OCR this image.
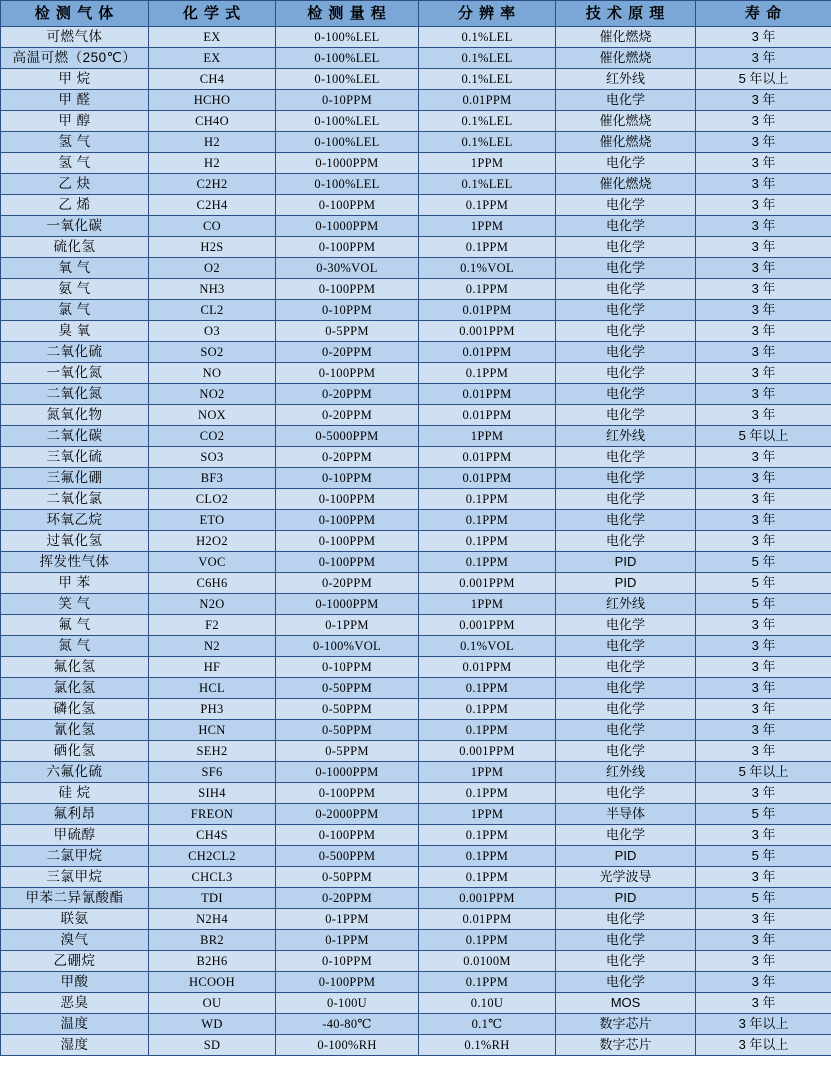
检 测 气 体	化 学 式	检 测 量 程	分 辨 率	技 术 原 理	寿 命
可燃气体	EX	0-100%LEL	0.1%LEL	催化燃烧	3 年
高温可燃（250℃）	EX	0-100%LEL	0.1%LEL	催化燃烧	3 年
甲 烷	CH4	0-100%LEL	0.1%LEL	红外线	5 年以上
甲 醛	HCHO	0-10PPM	0.01PPM	电化学	3 年
甲 醇	CH4O	0-100%LEL	0.1%LEL	催化燃烧	3 年
氢 气	H2	0-100%LEL	0.1%LEL	催化燃烧	3 年
氢 气	H2	0-1000PPM	1PPM	电化学	3 年
乙 炔	C2H2	0-100%LEL	0.1%LEL	催化燃烧	3 年
乙 烯	C2H4	0-100PPM	0.1PPM	电化学	3 年
一氧化碳	CO	0-1000PPM	1PPM	电化学	3 年
硫化氢	H2S	0-100PPM	0.1PPM	电化学	3 年
氧 气	O2	0-30%VOL	0.1%VOL	电化学	3 年
氨 气	NH3	0-100PPM	0.1PPM	电化学	3 年
氯 气	CL2	0-10PPM	0.01PPM	电化学	3 年
臭 氧	O3	0-5PPM	0.001PPM	电化学	3 年
二氧化硫	SO2	0-20PPM	0.01PPM	电化学	3 年
一氧化氮	NO	0-100PPM	0.1PPM	电化学	3 年
二氧化氮	NO2	0-20PPM	0.01PPM	电化学	3 年
氮氧化物	NOX	0-20PPM	0.01PPM	电化学	3 年
二氧化碳	CO2	0-5000PPM	1PPM	红外线	5 年以上
三氧化硫	SO3	0-20PPM	0.01PPM	电化学	3 年
三氟化硼	BF3	0-10PPM	0.01PPM	电化学	3 年
二氧化氯	CLO2	0-100PPM	0.1PPM	电化学	3 年
环氧乙烷	ETO	0-100PPM	0.1PPM	电化学	3 年
过氧化氢	H2O2	0-100PPM	0.1PPM	电化学	3 年
挥发性气体	VOC	0-100PPM	0.1PPM	PID	5 年
甲 苯	C6H6	0-20PPM	0.001PPM	PID	5 年
笑 气	N2O	0-1000PPM	1PPM	红外线	5 年
氟 气	F2	0-1PPM	0.001PPM	电化学	3 年
氮 气	N2	0-100%VOL	0.1%VOL	电化学	3 年
氟化氢	HF	0-10PPM	0.01PPM	电化学	3 年
氯化氢	HCL	0-50PPM	0.1PPM	电化学	3 年
磷化氢	PH3	0-50PPM	0.1PPM	电化学	3 年
氰化氢	HCN	0-50PPM	0.1PPM	电化学	3 年
硒化氢	SEH2	0-5PPM	0.001PPM	电化学	3 年
六氟化硫	SF6	0-1000PPM	1PPM	红外线	5 年以上
硅 烷	SIH4	0-100PPM	0.1PPM	电化学	3 年
氟利昂	FREON	0-2000PPM	1PPM	半导体	5 年
甲硫醇	CH4S	0-100PPM	0.1PPM	电化学	3 年
二氯甲烷	CH2CL2	0-500PPM	0.1PPM	PID	5 年
三氯甲烷	CHCL3	0-50PPM	0.1PPM	光学波导	3 年
甲苯二异氰酸酯	TDI	0-20PPM	0.001PPM	PID	5 年
联氨	N2H4	0-1PPM	0.01PPM	电化学	3 年
溴气	BR2	0-1PPM	0.1PPM	电化学	3 年
乙硼烷	B2H6	0-10PPM	0.0100M	电化学	3 年
甲酸	HCOOH	0-100PPM	0.1PPM	电化学	3 年
恶臭	OU	0-100U	0.10U	MOS	3 年
温度	WD	-40-80℃	0.1℃	数字芯片	3 年以上
湿度	SD	0-100%RH	0.1%RH	数字芯片	3 年以上
